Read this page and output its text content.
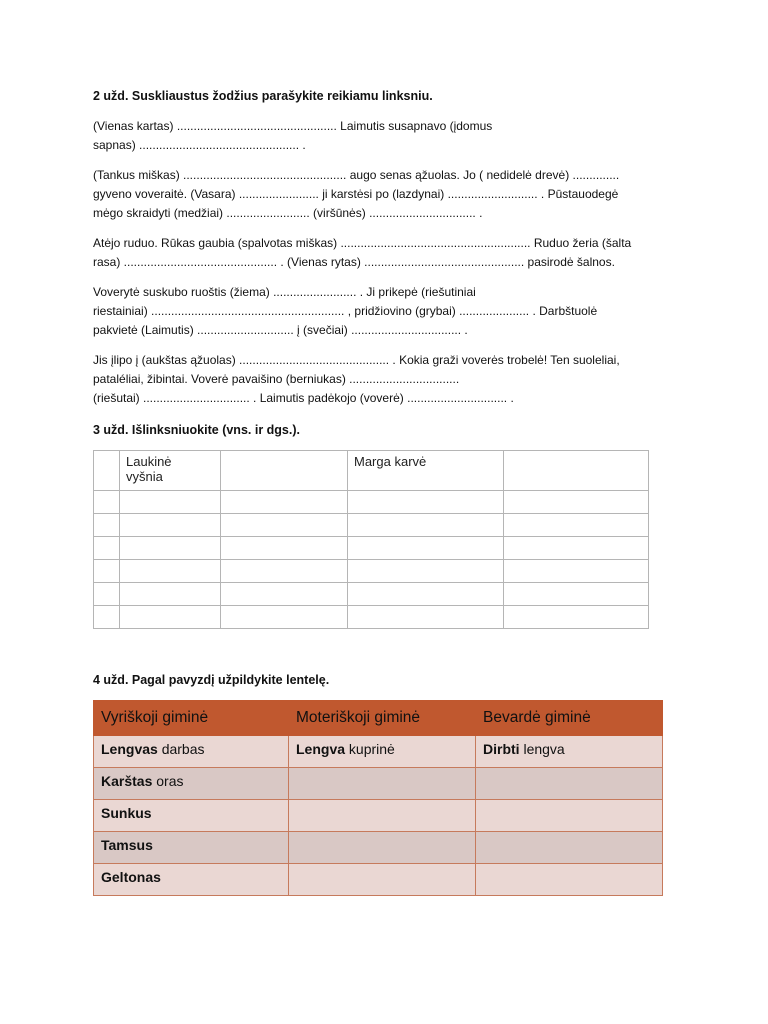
2 užd. Suskliaustus žodžius parašykite reikiamu linksniu.

(Vienas kartas) ................................................ Laimutis susapnavo (įdomus
sapnas) ................................................ .

(Tankus miškas) ................................................. augo senas ąžuolas. Jo ( nedidelė drevė) ..............
gyveno voveraitė. (Vasara) ........................ ji karstėsi po (lazdynai) ........................... . Pūstauodegė
mėgo skraidyti (medžiai) ......................... (viršūnės) ................................ .

Atėjo ruduo. Rūkas gaubia (spalvotas miškas) ......................................................... Ruduo žeria (šalta
rasa) .............................................. . (Vienas rytas) ................................................ pasirodė šalnos.

Voverytė suskubo ruoštis (žiema) ......................... . Ji prikepė (riešutiniai
riestainiai) .......................................................... , pridžiovino (grybai) ..................... . Darbštuolė
pakvietė (Laimutis) ............................. į (svečiai) ................................. .

Jis įlipo į (aukštas ąžuolas) ............................................. . Kokia graži voverės trobelė! Ten suoleliai,
pataléliai, žibintai. Voverė pavaišino (berniukas) .................................
(riešutai) ................................ . Laimutis padėkojo (voverė) .............................. .

3 užd. Išlinksniuokite (vns. ir dgs.).
	Laukinė
vyšnia		Marga karvė	

4 užd. Pagal pavyzdį užpildykite lentelę.
Vyriškoji giminė	Moteriškoji giminė	Bevardė giminė
Lengvas darbas	Lengva kuprinė	Dirbti lengva
Karštas oras		
Sunkus		
Tamsus		
Geltonas		
